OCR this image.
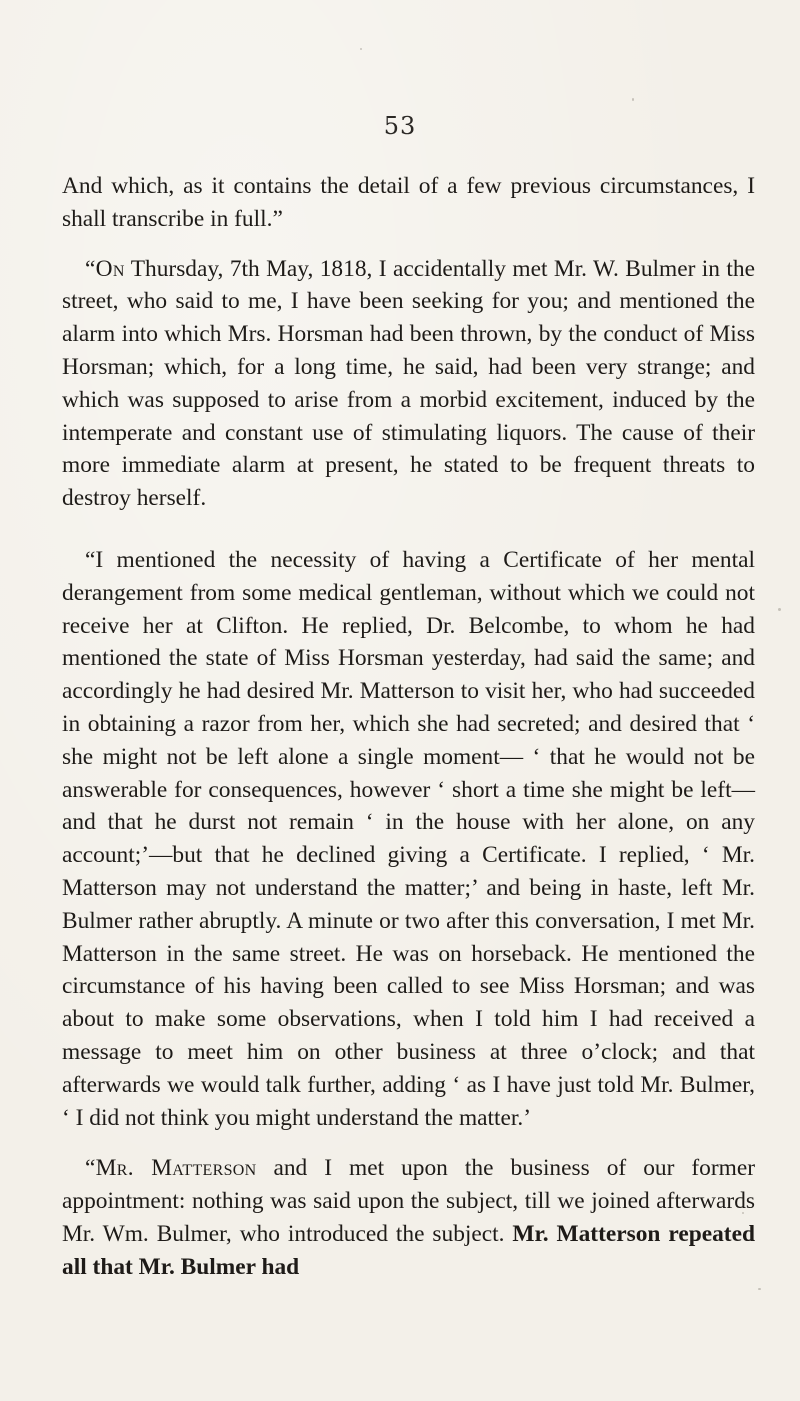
53

And which, as it contains the detail of a few previous circumstances, I shall transcribe in full.”

“On Thursday, 7th May, 1818, I accidentally met Mr. W. Bulmer in the street, who said to me, I have been seeking for you; and mentioned the alarm into which Mrs. Horsman had been thrown, by the conduct of Miss Horsman; which, for a long time, he said, had been very strange; and which was supposed to arise from a morbid excitement, induced by the intemperate and constant use of stimulating liquors. The cause of their more immediate alarm at present, he stated to be frequent threats to destroy herself.

“I mentioned the necessity of having a Certificate of her mental derangement from some medical gentleman, without which we could not receive her at Clifton. He replied, Dr. Belcombe, to whom he had mentioned the state of Miss Horsman yesterday, had said the same; and accordingly he had desired Mr. Matterson to visit her, who had succeeded in obtaining a razor from her, which she had secreted; and desired that ‘ she might not be left alone a single moment— ‘ that he would not be answerable for consequences, however ‘ short a time she might be left—and that he durst not remain ‘ in the house with her alone, on any account;’—but that he declined giving a Certificate. I replied, ‘ Mr. Matterson may not understand the matter;’ and being in haste, left Mr. Bulmer rather abruptly. A minute or two after this conversation, I met Mr. Matterson in the same street. He was on horseback. He mentioned the circumstance of his having been called to see Miss Horsman; and was about to make some observations, when I told him I had received a message to meet him on other business at three o’clock; and that afterwards we would talk further, adding ‘ as I have just told Mr. Bulmer, ‘ I did not think you might understand the matter.’

“Mr. Matterson and I met upon the business of our former appointment: nothing was said upon the subject, till we joined afterwards Mr. Wm. Bulmer, who introduced the subject. Mr. Matterson repeated all that Mr. Bulmer had
